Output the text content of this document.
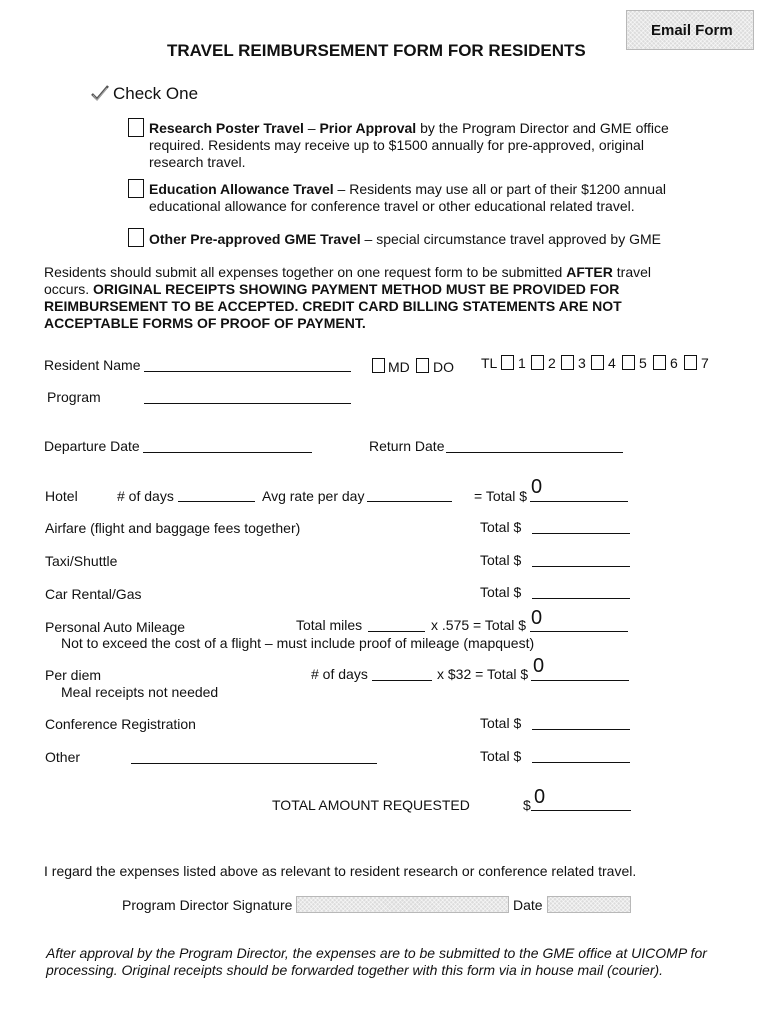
Email Form
TRAVEL REIMBURSEMENT FORM FOR RESIDENTS
Check One
Research Poster Travel – Prior Approval by the Program Director and GME office
required. Residents may receive up to $1500 annually for pre-approved, original
research travel.
Education Allowance Travel – Residents may use all or part of their $1200 annual
educational allowance for conference travel or other educational related travel.
Other Pre-approved GME Travel – special circumstance travel approved by GME
Residents should submit all expenses together on one request form to be submitted AFTER travel
occurs. ORIGINAL RECEIPTS SHOWING PAYMENT METHOD MUST BE PROVIDED FOR
REIMBURSEMENT TO BE ACCEPTED. CREDIT CARD BILLING STATEMENTS ARE NOT
ACCEPTABLE FORMS OF PROOF OF PAYMENT.
Resident Name	MD DO TL 1 2 3 4 5 6 7
Program
Departure Date	Return Date
Hotel	# of days	Avg rate per day	= Total $ 0
Airfare (flight and baggage fees together)	Total $
Taxi/Shuttle	Total $
Car Rental/Gas	Total $
Personal Auto Mileage	Total miles	x .575 = Total $ 0
Not to exceed the cost of a flight – must include proof of mileage (mapquest)
Per diem	# of days	x $32 = Total $ 0
Meal receipts not needed
Conference Registration	Total $
Other	Total $
TOTAL AMOUNT REQUESTED	$ 0
I regard the expenses listed above as relevant to resident research or conference related travel.
Program Director Signature	Date
After approval by the Program Director, the expenses are to be submitted to the GME office at UICOMP for
processing. Original receipts should be forwarded together with this form via in house mail (courier).
